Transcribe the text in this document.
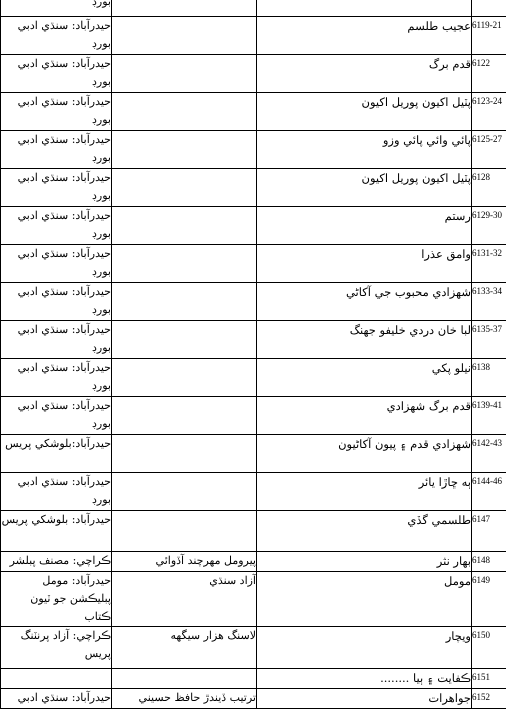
بورڊ			
حيدرآباد: سنڌي ادبي بورڊ		عجيب طلسم	6119-21
حيدرآباد: سنڌي ادبي بورڊ		قدم برگ	6122
حيدرآباد: سنڌي ادبي بورڊ		پٽيل اکيون پوريل اکيون	6123-24
حيدرآباد: سنڌي ادبي بورڊ		پائي وائي پائي وزو	6125-27
حيدرآباد: سنڌي ادبي بورڊ		پٽيل اکيون پوريل اکيون	6128
حيدرآباد: سنڌي ادبي بورڊ		رستم	6129-30
حيدرآباد: سنڌي ادبي بورڊ		وامق عذرا	6131-32
حيدرآباد: سنڌي ادبي بورڊ		شهزادي محبوب جي آکاڻي	6133-34
حيدرآباد: سنڌي ادبي بورڊ		لبا خان دردي خليفو جهنگ	6135-37
حيدرآباد: سنڌي ادبي بورڊ		نيلو پکي	6138
حيدرآباد: سنڌي ادبي بورڊ		قدم برگ شهزادي	6139-41
حيدرآباد:بلوشکي پريس		شهزادي قدم ۽ پيون آکاڻيون	6142-43
حيدرآباد: سنڌي ادبي بورڊ		ٻه ڇاڙا يائر	6144-46
حيدرآباد: بلوشکي پريس		طلسمي گڏي	6147
ڪراچي: مصنف پبلشر	پيرومل مهرچند آڏوائي	بهار نثر	6148
حيدرآباد: مومل پبليڪشن جو ٽيون ڪتاب	آزاد سنڌي	مومل	6149
ڪراچي: آزاد پرنٽنگ پريس	لاسنگ هزار سيگهه	ويچار	6150
		ڪفايت ۽ ٻيا ........	6151
حيدرآباد: سنڌي ادبي	ترتيب ڏيندڙ حافظ حسيني	جواهرات	6152
